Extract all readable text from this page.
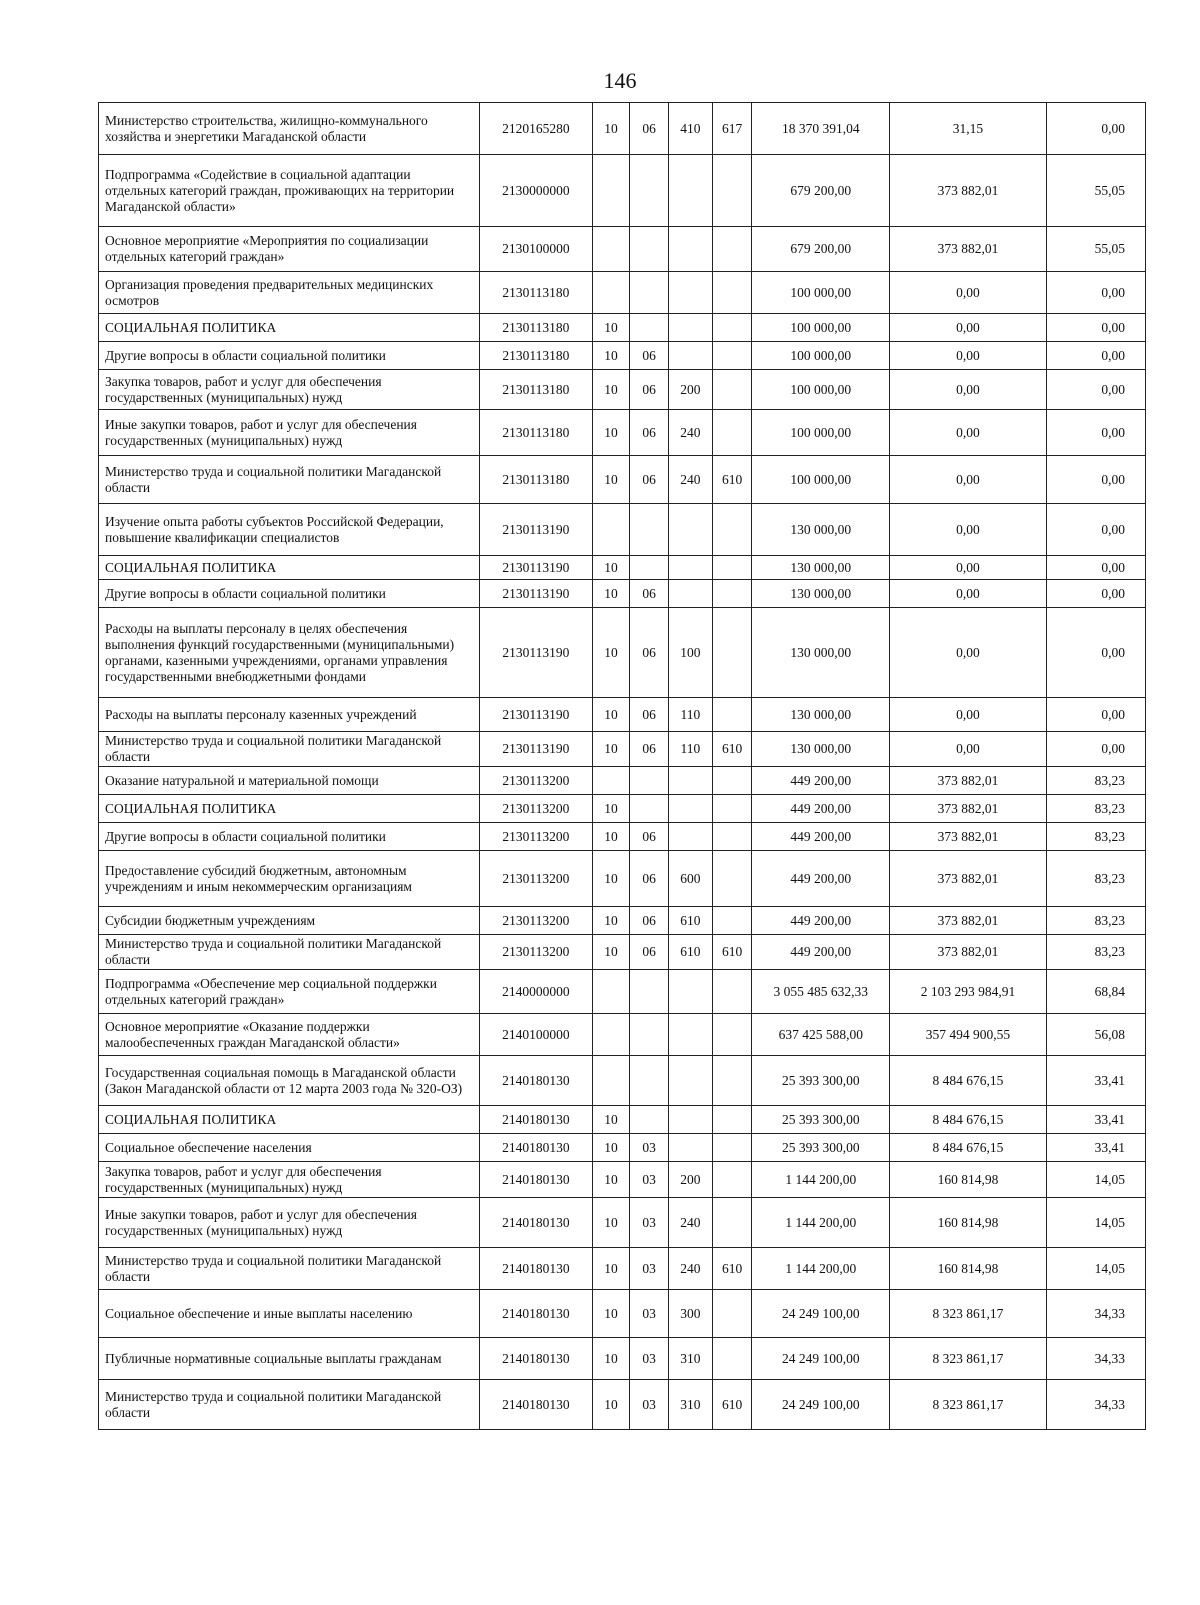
146
Министерство строительства, жилищно-коммунального хозяйства и энергетики Магаданской области	2120165280	10	06	410	617	18 370 391,04	31,15	0,00
Подпрограмма «Содействие в социальной адаптации отдельных категорий граждан, проживающих на территории Магаданской области»	2130000000					679 200,00	373 882,01	55,05
Основное мероприятие «Мероприятия по социализации отдельных категорий граждан»	2130100000					679 200,00	373 882,01	55,05
Организация проведения предварительных медицинских осмотров	2130113180					100 000,00	0,00	0,00
СОЦИАЛЬНАЯ ПОЛИТИКА	2130113180	10				100 000,00	0,00	0,00
Другие вопросы в области социальной политики	2130113180	10	06			100 000,00	0,00	0,00
Закупка товаров, работ и услуг для обеспечения государственных (муниципальных) нужд	2130113180	10	06	200		100 000,00	0,00	0,00
Иные закупки товаров, работ и услуг для обеспечения государственных (муниципальных) нужд	2130113180	10	06	240		100 000,00	0,00	0,00
Министерство труда и социальной политики Магаданской области	2130113180	10	06	240	610	100 000,00	0,00	0,00
Изучение опыта работы субъектов Российской Федерации, повышение квалификации специалистов	2130113190					130 000,00	0,00	0,00
СОЦИАЛЬНАЯ ПОЛИТИКА	2130113190	10				130 000,00	0,00	0,00
Другие вопросы в области социальной политики	2130113190	10	06			130 000,00	0,00	0,00
Расходы на выплаты персоналу в целях обеспечения выполнения функций государственными (муниципальными) органами, казенными учреждениями, органами управления государственными внебюджетными фондами	2130113190	10	06	100		130 000,00	0,00	0,00
Расходы на выплаты персоналу казенных учреждений	2130113190	10	06	110		130 000,00	0,00	0,00
Министерство труда и социальной политики Магаданской области	2130113190	10	06	110	610	130 000,00	0,00	0,00
Оказание натуральной и материальной помощи	2130113200					449 200,00	373 882,01	83,23
СОЦИАЛЬНАЯ ПОЛИТИКА	2130113200	10				449 200,00	373 882,01	83,23
Другие вопросы в области социальной политики	2130113200	10	06			449 200,00	373 882,01	83,23
Предоставление субсидий бюджетным, автономным учреждениям и иным некоммерческим организациям	2130113200	10	06	600		449 200,00	373 882,01	83,23
Субсидии бюджетным учреждениям	2130113200	10	06	610		449 200,00	373 882,01	83,23
Министерство труда и социальной политики Магаданской области	2130113200	10	06	610	610	449 200,00	373 882,01	83,23
Подпрограмма «Обеспечение мер социальной поддержки отдельных категорий граждан»	2140000000					3 055 485 632,33	2 103 293 984,91	68,84
Основное мероприятие «Оказание поддержки малообеспеченных граждан Магаданской области»	2140100000					637 425 588,00	357 494 900,55	56,08
Государственная социальная помощь в Магаданской области (Закон Магаданской области от 12 марта 2003 года № 320-ОЗ)	2140180130					25 393 300,00	8 484 676,15	33,41
СОЦИАЛЬНАЯ ПОЛИТИКА	2140180130	10				25 393 300,00	8 484 676,15	33,41
Социальное обеспечение населения	2140180130	10	03			25 393 300,00	8 484 676,15	33,41
Закупка товаров, работ и услуг для обеспечения государственных (муниципальных) нужд	2140180130	10	03	200		1 144 200,00	160 814,98	14,05
Иные закупки товаров, работ и услуг для обеспечения государственных (муниципальных) нужд	2140180130	10	03	240		1 144 200,00	160 814,98	14,05
Министерство труда и социальной политики Магаданской области	2140180130	10	03	240	610	1 144 200,00	160 814,98	14,05
Социальное обеспечение и иные выплаты населению	2140180130	10	03	300		24 249 100,00	8 323 861,17	34,33
Публичные нормативные социальные выплаты гражданам	2140180130	10	03	310		24 249 100,00	8 323 861,17	34,33
Министерство труда и социальной политики Магаданской области	2140180130	10	03	310	610	24 249 100,00	8 323 861,17	34,33
